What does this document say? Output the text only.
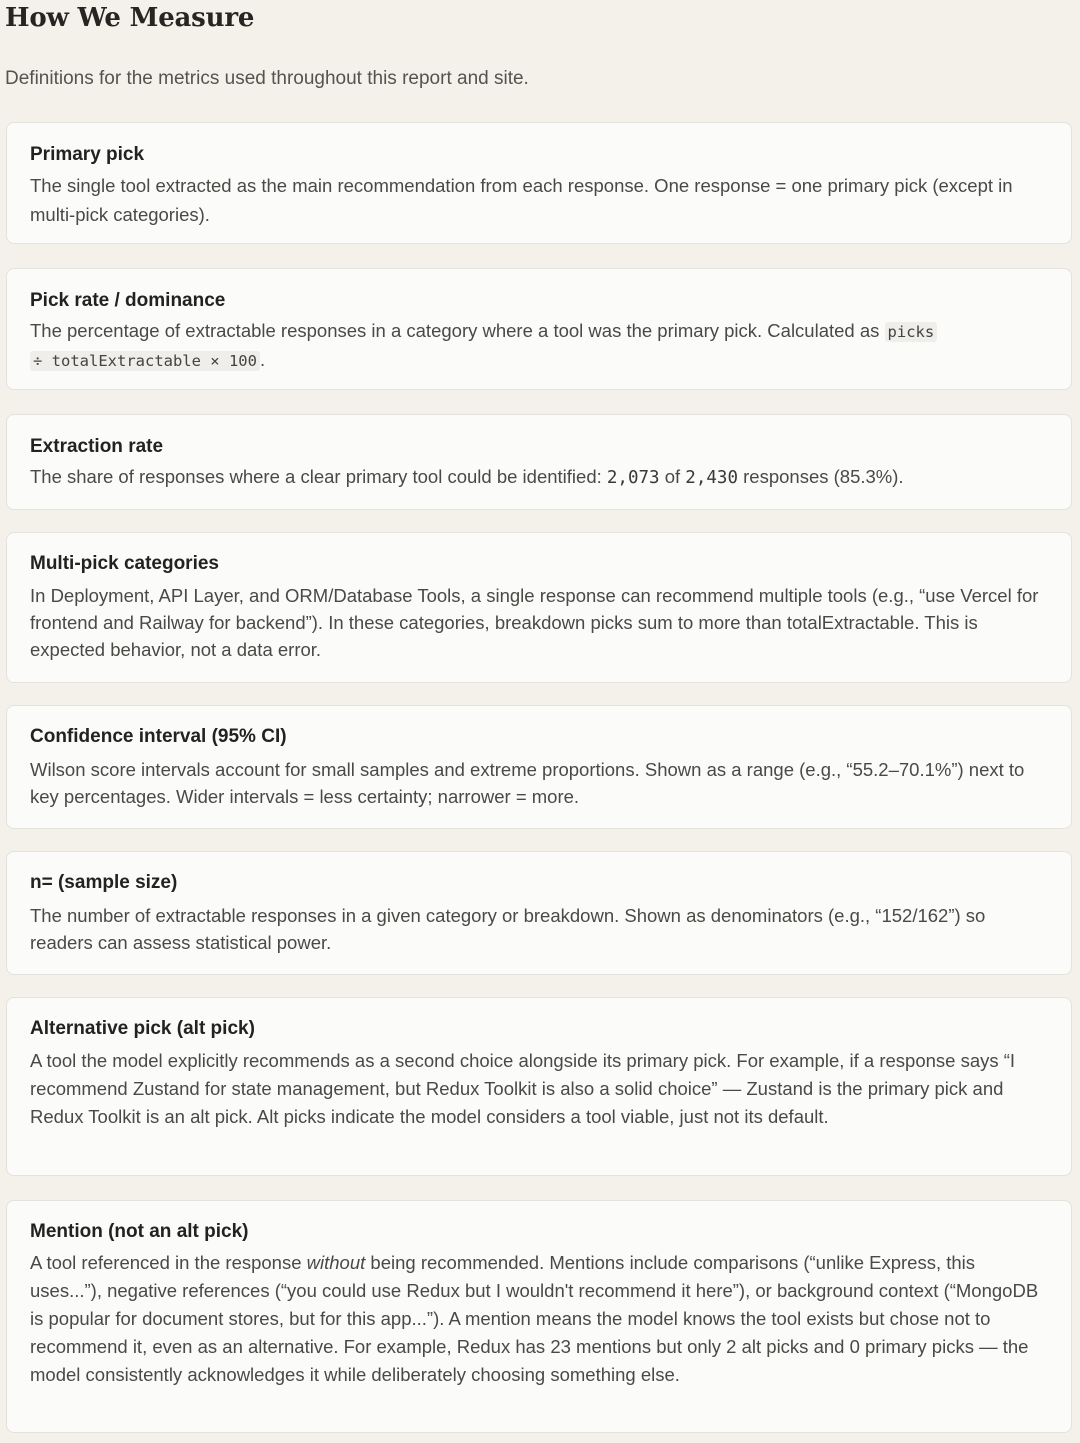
How We Measure

Definitions for the metrics used throughout this report and site.

Primary pick

The single tool extracted as the main recommendation from each response. One response = one primary pick (except in multi-pick categories).

Pick rate / dominance

The percentage of extractable responses in a category where a tool was the primary pick. Calculated as picks
÷ totalExtractable × 100 .

Extraction rate

The share of responses where a clear primary tool could be identified: 2,073 of 2,430 responses (85.3%).

Multi-pick categories

In Deployment, API Layer, and ORM/Database Tools, a single response can recommend multiple tools (e.g., “use Vercel for frontend and Railway for backend”). In these categories, breakdown picks sum to more than totalExtractable. This is expected behavior, not a data error.

Confidence interval (95% CI)

Wilson score intervals account for small samples and extreme proportions. Shown as a range (e.g., “55.2–70.1%”) next to key percentages. Wider intervals = less certainty; narrower = more.

n= (sample size)

The number of extractable responses in a given category or breakdown. Shown as denominators (e.g., “152/162”) so readers can assess statistical power.

Alternative pick (alt pick)

A tool the model explicitly recommends as a second choice alongside its primary pick. For example, if a response says “I recommend Zustand for state management, but Redux Toolkit is also a solid choice” — Zustand is the primary pick and Redux Toolkit is an alt pick. Alt picks indicate the model considers a tool viable, just not its default.

Mention (not an alt pick)

A tool referenced in the response without being recommended. Mentions include comparisons (“unlike Express, this uses...”), negative references (“you could use Redux but I wouldn't recommend it here”), or background context (“MongoDB is popular for document stores, but for this app...”). A mention means the model knows the tool exists but chose not to recommend it, even as an alternative. For example, Redux has 23 mentions but only 2 alt picks and 0 primary picks — the model consistently acknowledges it while deliberately choosing something else.
